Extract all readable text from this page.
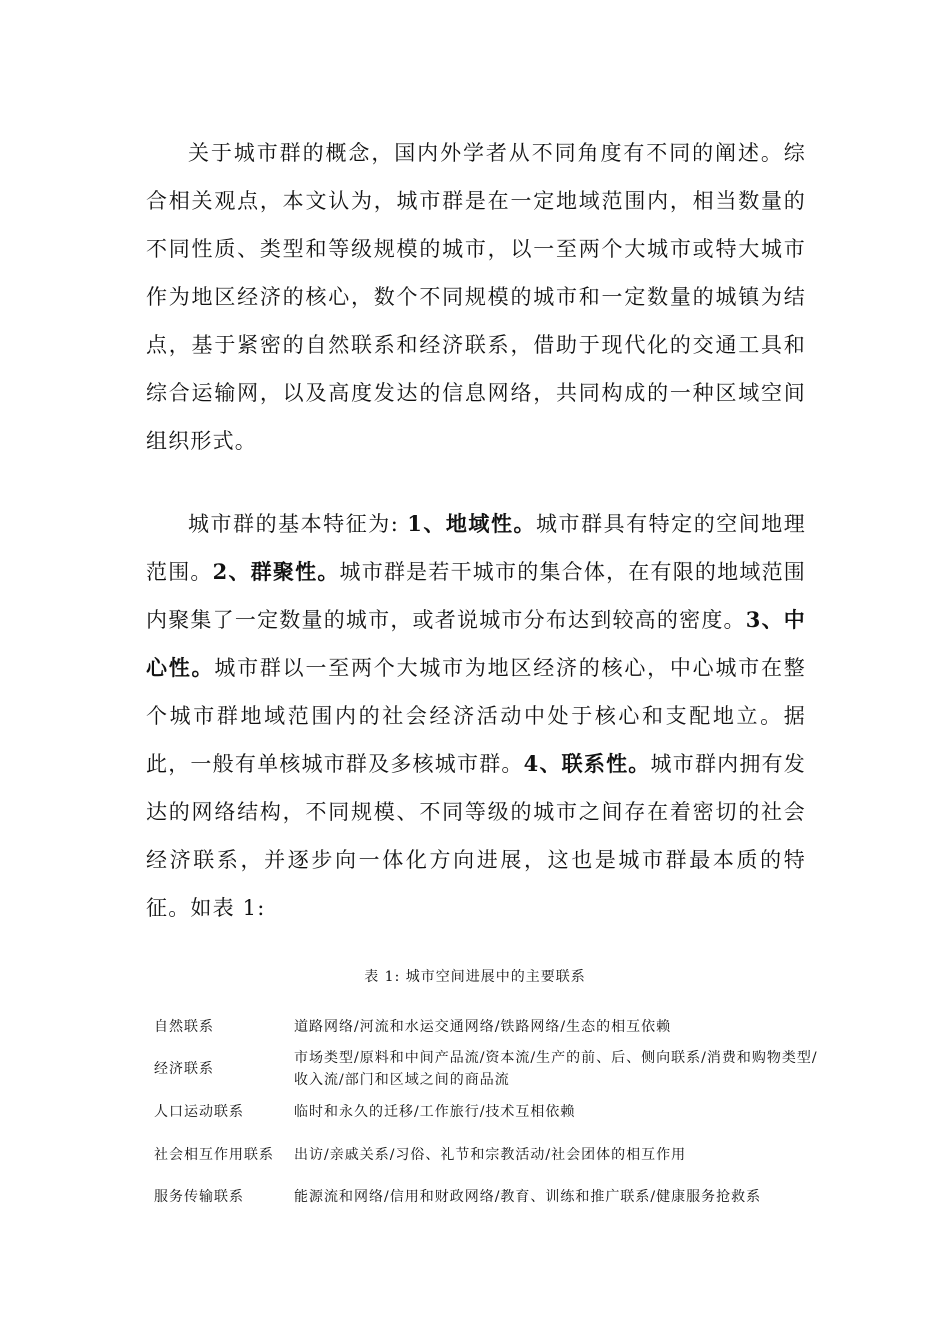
关于城市群的概念，国内外学者从不同角度有不同的阐述。综合相关观点，本文认为，城市群是在一定地域范围内，相当数量的不同性质、类型和等级规模的城市，以一至两个大城市或特大城市作为地区经济的核心，数个不同规模的城市和一定数量的城镇为结点，基于紧密的自然联系和经济联系，借助于现代化的交通工具和综合运输网，以及高度发达的信息网络，共同构成的一种区域空间组织形式。

城市群的基本特征为: 1、地域性。城市群具有特定的空间地理范围。2、群聚性。城市群是若干城市的集合体，在有限的地域范围内聚集了一定数量的城市，或者说城市分布达到较高的密度。3、中心性。城市群以一至两个大城市为地区经济的核心，中心城市在整个城市群地域范围内的社会经济活动中处于核心和支配地立。据此，一般有单核城市群及多核城市群。4、联系性。城市群内拥有发达的网络结构，不同规模、不同等级的城市之间存在着密切的社会经济联系，并逐步向一体化方向进展，这也是城市群最本质的特征。如表 1:

表 1: 城市空间进展中的主要联系

自然联系	道路网络/河流和水运交通网络/铁路网络/生态的相互依赖
经济联系	市场类型/原料和中间产品流/资本流/生产的前、后、侧向联系/消费和购物类型/收入流/部门和区域之间的商品流
人口运动联系	临时和永久的迁移/工作旅行/技术互相依赖
社会相互作用联系	出访/亲戚关系/习俗、礼节和宗教活动/社会团体的相互作用
服务传输联系	能源流和网络/信用和财政网络/教育、训练和推广联系/健康服务抢救系
